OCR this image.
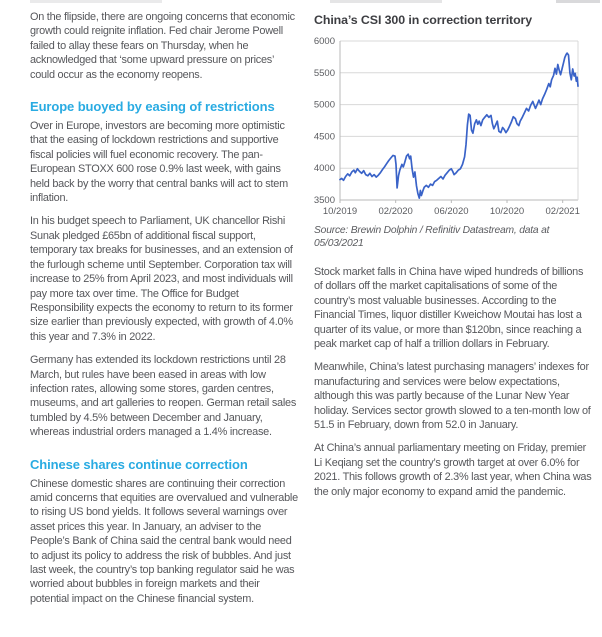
On the flipside, there are ongoing concerns that economic growth could reignite inflation. Fed chair Jerome Powell failed to allay these fears on Thursday, when he acknowledged that ‘some upward pressure on prices’ could occur as the economy reopens.

Europe buoyed by easing of restrictions

Over in Europe, investors are becoming more optimistic that the easing of lockdown restrictions and supportive fiscal policies will fuel economic recovery. The pan-European STOXX 600 rose 0.9% last week, with gains held back by the worry that central banks will act to stem inflation.

In his budget speech to Parliament, UK chancellor Rishi Sunak pledged £65bn of additional fiscal support, temporary tax breaks for businesses, and an extension of the furlough scheme until September. Corporation tax will increase to 25% from April 2023, and most individuals will pay more tax over time. The Office for Budget Responsibility expects the economy to return to its former size earlier than previously expected, with growth of 4.0% this year and 7.3% in 2022.

Germany has extended its lockdown restrictions until 28 March, but rules have been eased in areas with low infection rates, allowing some stores, garden centres, museums, and art galleries to reopen. German retail sales tumbled by 4.5% between December and January, whereas industrial orders managed a 1.4% increase.

Chinese shares continue correction

Chinese domestic shares are continuing their correction amid concerns that equities are overvalued and vulnerable to rising US bond yields. It follows several warnings over asset prices this year. In January, an adviser to the People’s Bank of China said the central bank would need to adjust its policy to address the risk of bubbles. And just last week, the country’s top banking regulator said he was worried about bubbles in foreign markets and their potential impact on the Chinese financial system.

China’s CSI 300 in correction territory
3500
4000
4500
5000
5500
6000
10/2019 02/2020 06/2020 10/2020 02/2021

Source: Brewin Dolphin / Refinitiv Datastream, data at 05/03/2021

Stock market falls in China have wiped hundreds of billions of dollars off the market capitalisations of some of the country’s most valuable businesses. According to the Financial Times, liquor distiller Kweichow Moutai has lost a quarter of its value, or more than $120bn, since reaching a peak market cap of half a trillion dollars in February.

Meanwhile, China’s latest purchasing managers’ indexes for manufacturing and services were below expectations, although this was partly because of the Lunar New Year holiday. Services sector growth slowed to a ten-month low of 51.5 in February, down from 52.0 in January.

At China’s annual parliamentary meeting on Friday, premier Li Keqiang set the country’s growth target at over 6.0% for 2021. This follows growth of 2.3% last year, when China was the only major economy to expand amid the pandemic.
